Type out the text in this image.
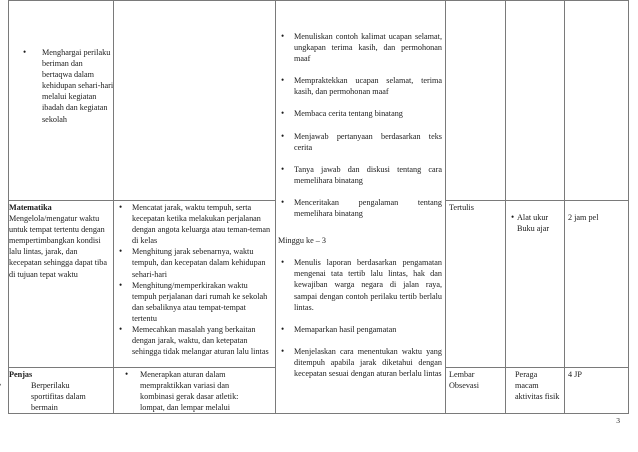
• Menghargai perilaku beriman dan bertaqwa dalam kehidupan sehari-hari melalui kegiatan ibadah dan kegiatan sekolah

Matematika

Mengelola/mengatur waktu untuk tempat tertentu dengan mempertimbangkan kondisi lalu lintas, jarak, dan kecepatan sehingga dapat tiba di tujuan tepat waktu

• Mencatat jarak, waktu tempuh, serta kecepatan ketika melakukan perjalanan dengan angota keluarga atau teman-teman di kelas

• Menghitung jarak sebenarnya, waktu tempuh, dan kecepatan dalam kehidupan sehari-hari

• Menghitung/memperkirakan waktu tempuh perjalanan dari rumah ke sekolah dan sebaliknya atau tempat-tempat tertentu

• Memecahkan masalah yang berkaitan dengan jarak, waktu, dan ketepatan sehingga tidak melangar aturan lalu lintas

• Menuliskan contoh kalimat ucapan selamat, ungkapan terima kasih, dan permohonan maaf

• Mempraktekkan ucapan selamat, terima kasih, dan permohonan maaf

• Membaca cerita tentang binatang

• Menjawab pertanyaan berdasarkan teks cerita

• Tanya jawab dan diskusi tentang cara memelihara binatang

• Menceritakan pengalaman tentang memelihara binatang

Minggu ke – 3

• Menulis laporan berdasarkan pengamatan mengenai tata tertib lalu lintas, hak dan kewajiban warga negara di jalan raya, sampai dengan contoh perilaku tertib berlalu lintas.

• Memaparkan hasil pengamatan

• Menjelaskan cara menentukan waktu yang ditempuh apabila jarak diketahui dengan kecepatan sesuai dengan aturan berlalu lintas

Tertulis

• Alat ukur Buku ajar

2 jam pel

Penjas

• Berperilaku sportifitas dalam bermain

• Menerapkan aturan dalam mempraktikkan variasi dan kombinasi gerak dasar atletik: lompat, dan lempar melalui

Lembar Obsevasi

Peraga macam aktivitas fisik

4 JP

3
